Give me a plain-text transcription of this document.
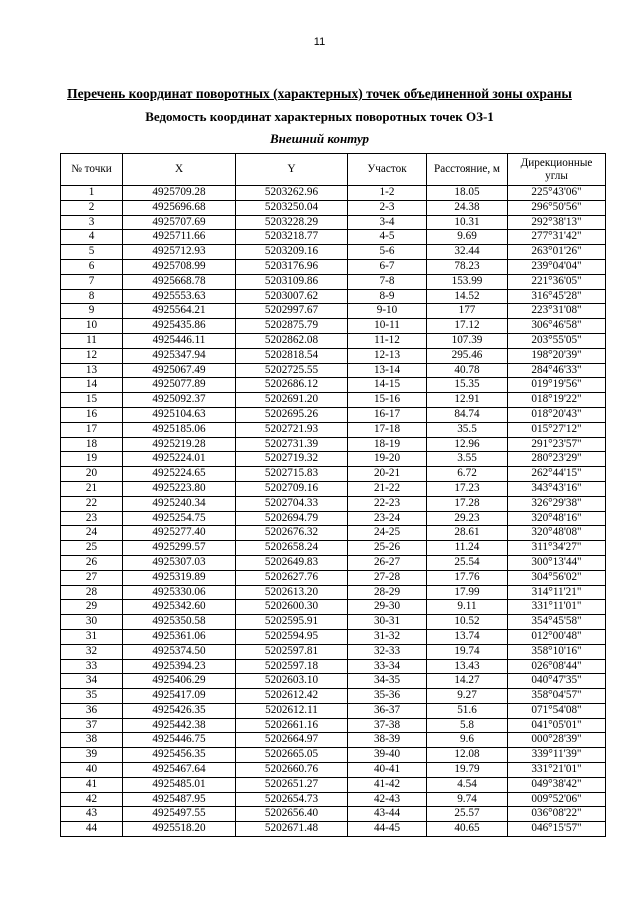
11
Перечень координат поворотных (характерных) точек объединенной зоны охраны
Ведомость координат характерных поворотных точек ОЗ-1
Внешний контур
№ точки	X	Y	Участок	Расстояние, м	Дирекционные углы
1	4925709.28	5203262.96	1-2	18.05	225°43'06"
2	4925696.68	5203250.04	2-3	24.38	296°50'56"
3	4925707.69	5203228.29	3-4	10.31	292°38'13"
4	4925711.66	5203218.77	4-5	9.69	277°31'42"
5	4925712.93	5203209.16	5-6	32.44	263°01'26"
6	4925708.99	5203176.96	6-7	78.23	239°04'04"
7	4925668.78	5203109.86	7-8	153.99	221°36'05"
8	4925553.63	5203007.62	8-9	14.52	316°45'28"
9	4925564.21	5202997.67	9-10	177	223°31'08"
10	4925435.86	5202875.79	10-11	17.12	306°46'58"
11	4925446.11	5202862.08	11-12	107.39	203°55'05"
12	4925347.94	5202818.54	12-13	295.46	198°20'39"
13	4925067.49	5202725.55	13-14	40.78	284°46'33"
14	4925077.89	5202686.12	14-15	15.35	019°19'56"
15	4925092.37	5202691.20	15-16	12.91	018°19'22"
16	4925104.63	5202695.26	16-17	84.74	018°20'43"
17	4925185.06	5202721.93	17-18	35.5	015°27'12"
18	4925219.28	5202731.39	18-19	12.96	291°23'57"
19	4925224.01	5202719.32	19-20	3.55	280°23'29"
20	4925224.65	5202715.83	20-21	6.72	262°44'15"
21	4925223.80	5202709.16	21-22	17.23	343°43'16"
22	4925240.34	5202704.33	22-23	17.28	326°29'38"
23	4925254.75	5202694.79	23-24	29.23	320°48'16"
24	4925277.40	5202676.32	24-25	28.61	320°48'08"
25	4925299.57	5202658.24	25-26	11.24	311°34'27"
26	4925307.03	5202649.83	26-27	25.54	300°13'44"
27	4925319.89	5202627.76	27-28	17.76	304°56'02"
28	4925330.06	5202613.20	28-29	17.99	314°11'21"
29	4925342.60	5202600.30	29-30	9.11	331°11'01"
30	4925350.58	5202595.91	30-31	10.52	354°45'58"
31	4925361.06	5202594.95	31-32	13.74	012°00'48"
32	4925374.50	5202597.81	32-33	19.74	358°10'16"
33	4925394.23	5202597.18	33-34	13.43	026°08'44"
34	4925406.29	5202603.10	34-35	14.27	040°47'35"
35	4925417.09	5202612.42	35-36	9.27	358°04'57"
36	4925426.35	5202612.11	36-37	51.6	071°54'08"
37	4925442.38	5202661.16	37-38	5.8	041°05'01"
38	4925446.75	5202664.97	38-39	9.6	000°28'39"
39	4925456.35	5202665.05	39-40	12.08	339°11'39"
40	4925467.64	5202660.76	40-41	19.79	331°21'01"
41	4925485.01	5202651.27	41-42	4.54	049°38'42"
42	4925487.95	5202654.73	42-43	9.74	009°52'06"
43	4925497.55	5202656.40	43-44	25.57	036°08'22"
44	4925518.20	5202671.48	44-45	40.65	046°15'57"
